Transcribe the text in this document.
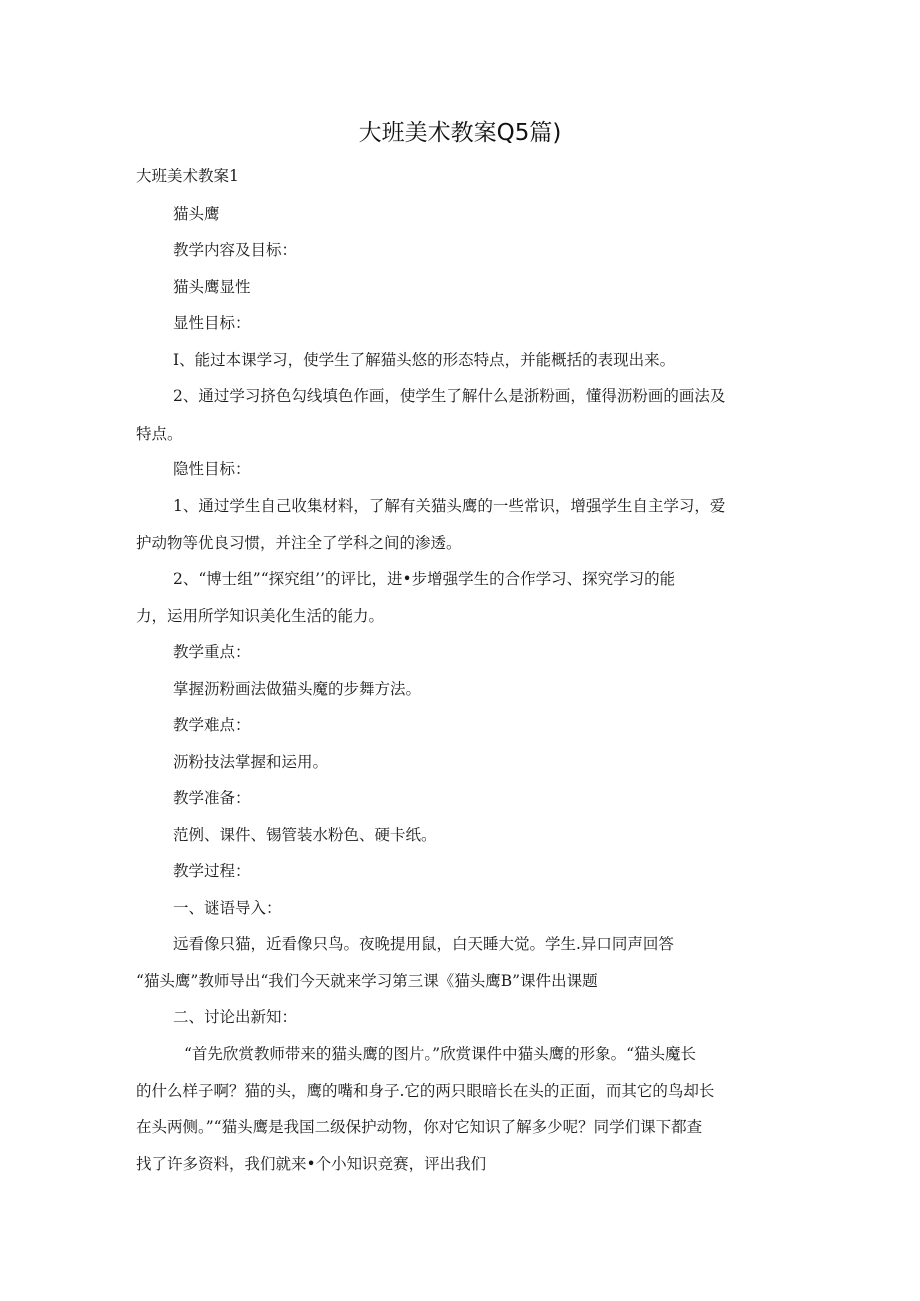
大班美术教案Q5篇)
大班美术教案1
猫头鹰
教学内容及目标：
猫头鹰显性
显性目标：
I、能过本课学习，使学生了解猫头悠的形态特点，并能概括的表现出来。
2、通过学习挤色勾线填色作画，使学生了解什么是浙粉画，懂得沥粉画的画法及
特点。
隐性目标：
1、通过学生自己收集材料，了解有关猫头鹰的一些常识，增强学生自主学习，爱
护动物等优良习惯，并注全了学科之间的渗透。
2、“博士组”“探究组’’的评比，进•步增强学生的合作学习、探究学习的能
力，运用所学知识美化生活的能力。
教学重点：
掌握沥粉画法做猫头魔的步舞方法。
教学难点：
沥粉技法掌握和运用。
教学准备：
范例、课件、锡管装水粉色、硬卡纸。
教学过程：
一、谜语导入：
远看像只猫，近看像只鸟。夜晚提用鼠，白天睡大觉。学生.异口同声回答
“猫头鹰”教师导出“我们今天就来学习第三课《猫头鹰B”课件出课题
二、讨论出新知：
“首先欣赏教师带来的猫头鹰的图片。”欣赏课件中猫头鹰的形象。“猫头魔长
的什么样子啊？猫的头，鹰的嘴和身子.它的两只眼暗长在头的正面，而其它的鸟却长
在头两侧。”“猫头鹰是我国二级保护动物，你对它知识了解多少呢？同学们课下都查
找了许多资料，我们就来•个小知识竞赛，评出我们
